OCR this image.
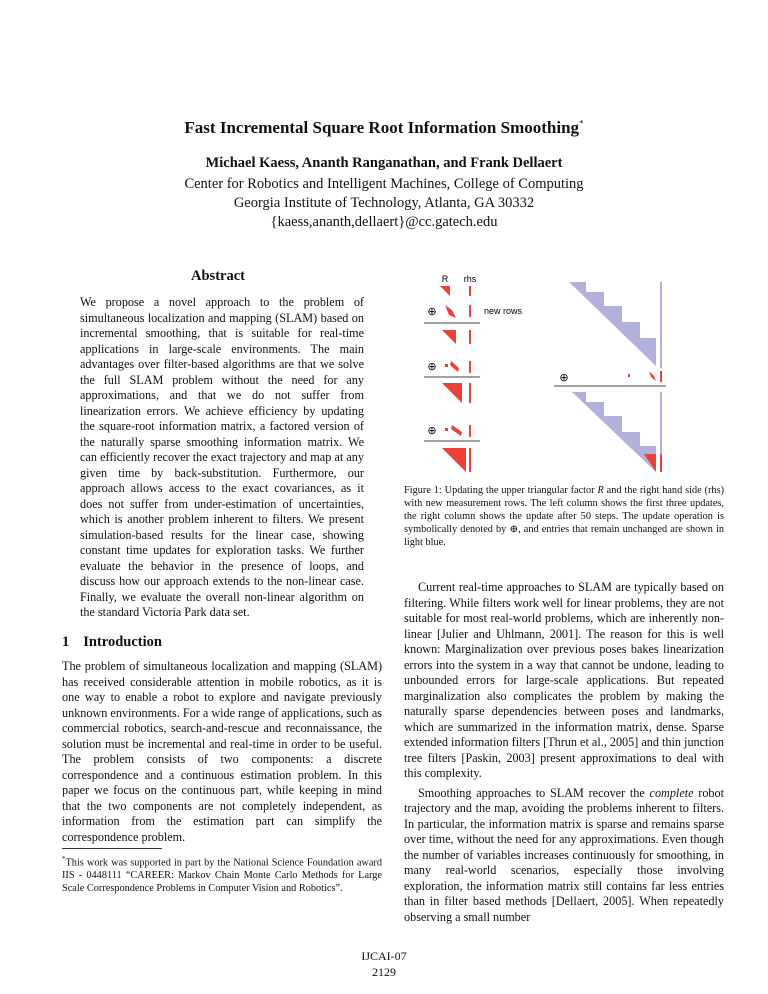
Fast Incremental Square Root Information Smoothing*
Michael Kaess, Ananth Ranganathan, and Frank Dellaert
Center for Robotics and Intelligent Machines, College of Computing
Georgia Institute of Technology, Atlanta, GA 30332
{kaess,ananth,dellaert}@cc.gatech.edu
Abstract
We propose a novel approach to the problem of simultaneous localization and mapping (SLAM) based on incremental smoothing, that is suitable for real-time applications in large-scale environments. The main advantages over filter-based algorithms are that we solve the full SLAM problem without the need for any approximations, and that we do not suffer from linearization errors. We achieve efficiency by updating the square-root information matrix, a factored version of the naturally sparse smoothing information matrix. We can efficiently recover the exact trajectory and map at any given time by back-substitution. Furthermore, our approach allows access to the exact covariances, as it does not suffer from under-estimation of uncertainties, which is another problem inherent to filters. We present simulation-based results for the linear case, showing constant time updates for exploration tasks. We further evaluate the behavior in the presence of loops, and discuss how our approach extends to the non-linear case. Finally, we evaluate the overall non-linear algorithm on the standard Victoria Park data set.
1 Introduction
The problem of simultaneous localization and mapping (SLAM) has received considerable attention in mobile robotics, as it is one way to enable a robot to explore and navigate previously unknown environments. For a wide range of applications, such as commercial robotics, search-and-rescue and reconnaissance, the solution must be incremental and real-time in order to be useful. The problem consists of two components: a discrete correspondence and a continuous estimation problem. In this paper we focus on the continuous part, while keeping in mind that the two components are not completely independent, as information from the estimation part can simplify the correspondence problem.
*This work was supported in part by the National Science Foundation award IIS - 0448111 “CAREER: Markov Chain Monte Carlo Methods for Large Scale Correspondence Problems in Computer Vision and Robotics”.
R rhs
new rows
⊕
⊕
⊕
⊕
Figure 1: Updating the upper triangular factor R and the right hand side (rhs) with new measurement rows. The left column shows the first three updates, the right column shows the update after 50 steps. The update operation is symbolically denoted by ⊕, and entries that remain unchanged are shown in light blue.

Current real-time approaches to SLAM are typically based on filtering. While filters work well for linear problems, they are not suitable for most real-world problems, which are inherently non-linear [Julier and Uhlmann, 2001]. The reason for this is well known: Marginalization over previous poses bakes linearization errors into the system in a way that cannot be undone, leading to unbounded errors for large-scale applications. But repeated marginalization also complicates the problem by making the naturally sparse dependencies between poses and landmarks, which are summarized in the information matrix, dense. Sparse extended information filters [Thrun et al., 2005] and thin junction tree filters [Paskin, 2003] present approximations to deal with this complexity.

Smoothing approaches to SLAM recover the complete robot trajectory and the map, avoiding the problems inherent to filters. In particular, the information matrix is sparse and remains sparse over time, without the need for any approximations. Even though the number of variables increases continuously for smoothing, in many real-world scenarios, especially those involving exploration, the information matrix still contains far less entries than in filter based methods [Dellaert, 2005]. When repeatedly observing a small number

IJCAI-07
2129
